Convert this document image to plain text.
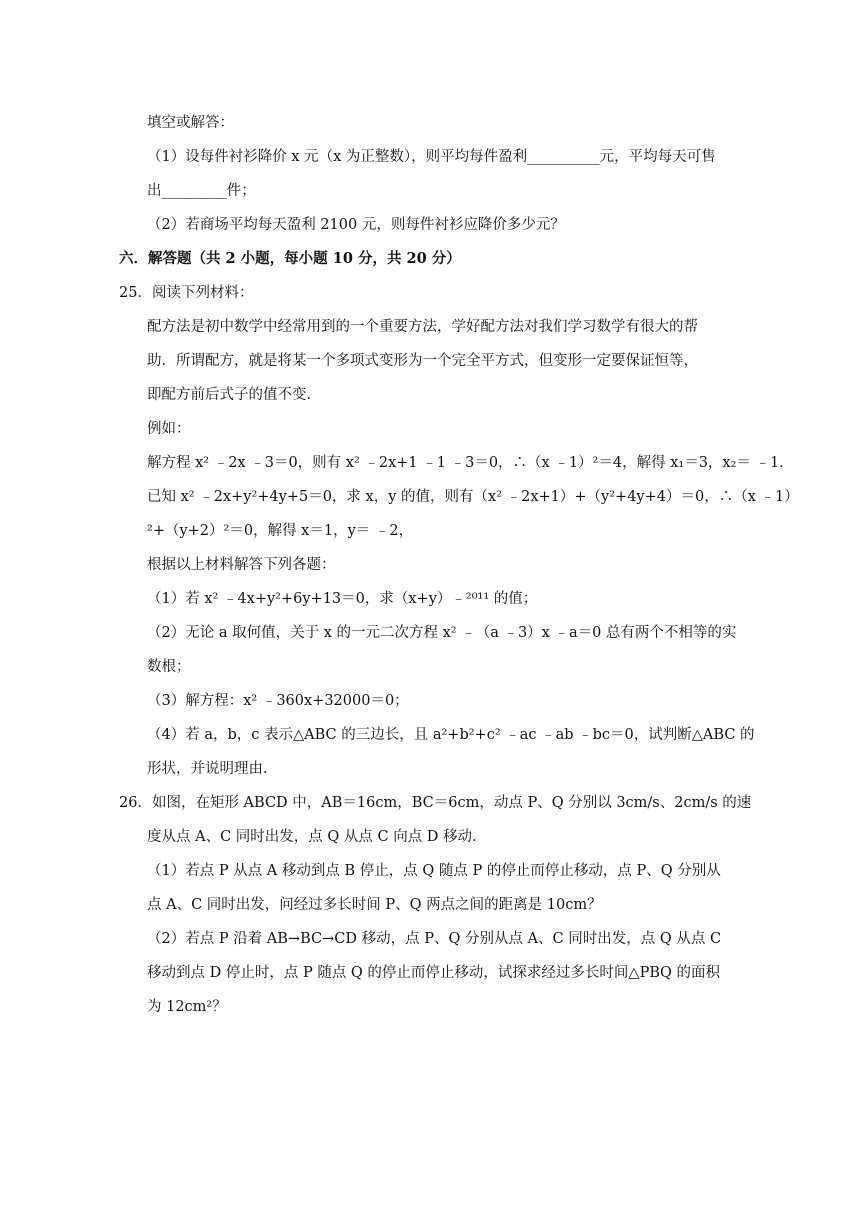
填空或解答：
（1）设每件衬衫降价 x 元（x 为正整数），则平均每件盈利__________元，平均每天可售
出_________件；
（2）若商场平均每天盈利 2100 元，则每件衬衫应降价多少元？
六．解答题（共 2 小题，每小题 10 分，共 20 分）
25．阅读下列材料：
配方法是初中数学中经常用到的一个重要方法，学好配方法对我们学习数学有很大的帮
助．所谓配方，就是将某一个多项式变形为一个完全平方式，但变形一定要保证恒等，
即配方前后式子的值不变．
例如：
解方程 x² ﹣2x ﹣3＝0，则有 x² ﹣2x+1 ﹣1 ﹣3＝0，∴（x ﹣1）²＝4，解得 x₁＝3，x₂＝ ﹣1．
已知 x² ﹣2x+y²+4y+5＝0，求 x，y 的值，则有（x² ﹣2x+1）+（y²+4y+4）＝0，∴（x ﹣1）
²+（y+2）²＝0，解得 x＝1，y＝ ﹣2，
根据以上材料解答下列各题：
（1）若 x² ﹣4x+y²+6y+13＝0，求（x+y）﹣²⁰¹¹ 的值；
（2）无论 a 取何值，关于 x 的一元二次方程 x² ﹣（a ﹣3）x ﹣a＝0 总有两个不相等的实
数根；
（3）解方程：x² ﹣360x+32000＝0；
（4）若 a，b，c 表示△ABC 的三边长，且 a²+b²+c² ﹣ac ﹣ab ﹣bc＝0，试判断△ABC 的
形状，并说明理由．
26．如图，在矩形 ABCD 中，AB＝16cm，BC＝6cm，动点 P、Q 分别以 3cm/s、2cm/s 的速
度从点 A、C 同时出发，点 Q 从点 C 向点 D 移动．
（1）若点 P 从点 A 移动到点 B 停止，点 Q 随点 P 的停止而停止移动，点 P、Q 分别从
点 A、C 同时出发，问经过多长时间 P、Q 两点之间的距离是 10cm？
（2）若点 P 沿着 AB→BC→CD 移动，点 P、Q 分别从点 A、C 同时出发，点 Q 从点 C
移动到点 D 停止时，点 P 随点 Q 的停止而停止移动，试探求经过多长时间△PBQ 的面积
为 12cm²？
